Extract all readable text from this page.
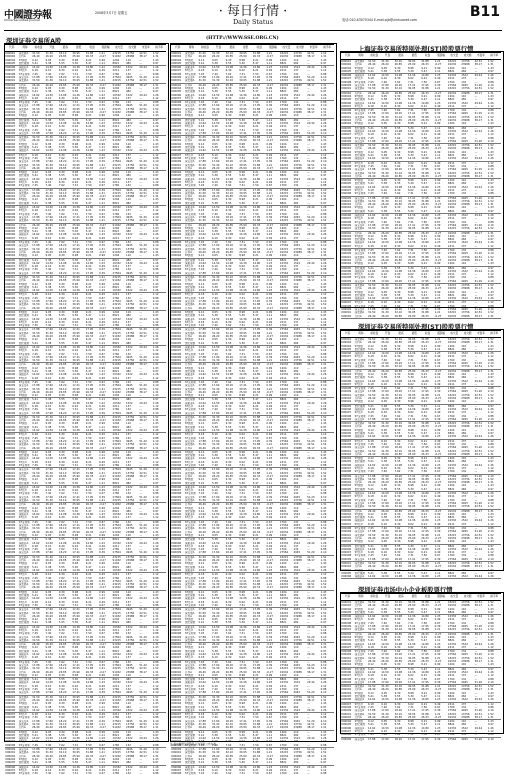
中國證券報
China Securities Journal
2008年3月7日 星期五	· 每日行情 ·
Daily Status	电话:010-63070344 E-mail:pjb@xinhuanet.com	B11
深圳证券交易所A股	(HTTP://WWW.SSE.ORG.CN)
上海证券交易所特别处理(ST)股股票行情
深圳证券交易所特别处理(ST)股股票行情
深圳证券市场中小企业板股票行情
代码	简称	前收盘	开盘	最高	最低	收盘	涨跌幅	成交量	成交额	市盈率	换手率
000001	深发展A	31.50	31.30	32.10	30.95	31.88	1.21	43215	13756	42.51	1.52
000002	万科A	26.40	26.20	26.85	25.90	26.33	-0.27	91032	23988	38.17	1.31
000004	ST国农	9.12	9.05	9.30	8.98	9.21	0.99	1204	110	—	1.43
000005	世纪星源	5.41	5.38	5.55	5.30	5.47	1.11	8821	482	—	0.97
000006	深振业A	14.62	14.50	14.98	14.36	14.80	1.23	10332	1522	29.44	1.26
000007	ST达声	6.18	6.10	6.30	6.02	6.21	0.49	2211	137	—	1.12
000008	ST宝利来	7.45	7.40	7.62	7.31	7.50	0.67	1760	132	—	0.88
000009	深宝安A	17.88	17.60	18.20	17.41	17.95	0.39	27564	4945	51.20	2.10
000001	深发展A	31.50	31.30	32.10	30.95	31.88	1.21	43215	13756	42.51	1.52
000002	万科A	26.40	26.20	26.85	25.90	26.33	-0.27	91032	23988	38.17	1.31
000004	ST国农	9.12	9.05	9.30	8.98	9.21	0.99	1204	110	—	1.43
000005	世纪星源	5.41	5.38	5.55	5.30	5.47	1.11	8821	482	—	0.97
000006	深振业A	14.62	14.50	14.98	14.36	14.80	1.23	10332	1522	29.44	1.26
000007	ST达声	6.18	6.10	6.30	6.02	6.21	0.49	2211	137	—	1.12
000008	ST宝利来	7.45	7.40	7.62	7.31	7.50	0.67	1760	132	—	0.88
000009	深宝安A	17.88	17.60	18.20	17.41	17.95	0.39	27564	4945	51.20	2.10
000001	深发展A	31.50	31.30	32.10	30.95	31.88	1.21	43215	13756	42.51	1.52
000002	万科A	26.40	26.20	26.85	25.90	26.33	-0.27	91032	23988	38.17	1.31
000004	ST国农	9.12	9.05	9.30	8.98	9.21	0.99	1204	110	—	1.43
000005	世纪星源	5.41	5.38	5.55	5.30	5.47	1.11	8821	482	—	0.97
000006	深振业A	14.62	14.50	14.98	14.36	14.80	1.23	10332	1522	29.44	1.26
000007	ST达声	6.18	6.10	6.30	6.02	6.21	0.49	2211	137	—	1.12
000008	ST宝利来	7.45	7.40	7.62	7.31	7.50	0.67	1760	132	—	0.88
000009	深宝安A	17.88	17.60	18.20	17.41	17.95	0.39	27564	4945	51.20	2.10
000001	深发展A	31.50	31.30	32.10	30.95	31.88	1.21	43215	13756	42.51	1.52
000002	万科A	26.40	26.20	26.85	25.90	26.33	-0.27	91032	23988	38.17	1.31
000004	ST国农	9.12	9.05	9.30	8.98	9.21	0.99	1204	110	—	1.43
000005	世纪星源	5.41	5.38	5.55	5.30	5.47	1.11	8821	482	—	0.97
000006	深振业A	14.62	14.50	14.98	14.36	14.80	1.23	10332	1522	29.44	1.26
000007	ST达声	6.18	6.10	6.30	6.02	6.21	0.49	2211	137	—	1.12
000008	ST宝利来	7.45	7.40	7.62	7.31	7.50	0.67	1760	132	—	0.88
000009	深宝安A	17.88	17.60	18.20	17.41	17.95	0.39	27564	4945	51.20	2.10
000001	深发展A	31.50	31.30	32.10	30.95	31.88	1.21	43215	13756	42.51	1.52
000002	万科A	26.40	26.20	26.85	25.90	26.33	-0.27	91032	23988	38.17	1.31
000004	ST国农	9.12	9.05	9.30	8.98	9.21	0.99	1204	110	—	1.43
000005	世纪星源	5.41	5.38	5.55	5.30	5.47	1.11	8821	482	—	0.97
000006	深振业A	14.62	14.50	14.98	14.36	14.80	1.23	10332	1522	29.44	1.26
000007	ST达声	6.18	6.10	6.30	6.02	6.21	0.49	2211	137	—	1.12
000008	ST宝利来	7.45	7.40	7.62	7.31	7.50	0.67	1760	132	—	0.88
000009	深宝安A	17.88	17.60	18.20	17.41	17.95	0.39	27564	4945	51.20	2.10
000001	深发展A	31.50	31.30	32.10	30.95	31.88	1.21	43215	13756	42.51	1.52
000002	万科A	26.40	26.20	26.85	25.90	26.33	-0.27	91032	23988	38.17	1.31
000004	ST国农	9.12	9.05	9.30	8.98	9.21	0.99	1204	110	—	1.43
000005	世纪星源	5.41	5.38	5.55	5.30	5.47	1.11	8821	482	—	0.97
000006	深振业A	14.62	14.50	14.98	14.36	14.80	1.23	10332	1522	29.44	1.26
000007	ST达声	6.18	6.10	6.30	6.02	6.21	0.49	2211	137	—	1.12
000008	ST宝利来	7.45	7.40	7.62	7.31	7.50	0.67	1760	132	—	0.88
000009	深宝安A	17.88	17.60	18.20	17.41	17.95	0.39	27564	4945	51.20	2.10
000001	深发展A	31.50	31.30	32.10	30.95	31.88	1.21	43215	13756	42.51	1.52
000002	万科A	26.40	26.20	26.85	25.90	26.33	-0.27	91032	23988	38.17	1.31
000004	ST国农	9.12	9.05	9.30	8.98	9.21	0.99	1204	110	—	1.43
000005	世纪星源	5.41	5.38	5.55	5.30	5.47	1.11	8821	482	—	0.97
000006	深振业A	14.62	14.50	14.98	14.36	14.80	1.23	10332	1522	29.44	1.26
000007	ST达声	6.18	6.10	6.30	6.02	6.21	0.49	2211	137	—	1.12
000008	ST宝利来	7.45	7.40	7.62	7.31	7.50	0.67	1760	132	—	0.88
000009	深宝安A	17.88	17.60	18.20	17.41	17.95	0.39	27564	4945	51.20	2.10
000001	深发展A	31.50	31.30	32.10	30.95	31.88	1.21	43215	13756	42.51	1.52
000002	万科A	26.40	26.20	26.85	25.90	26.33	-0.27	91032	23988	38.17	1.31
000004	ST国农	9.12	9.05	9.30	8.98	9.21	0.99	1204	110	—	1.43
000005	世纪星源	5.41	5.38	5.55	5.30	5.47	1.11	8821	482	—	0.97
000006	深振业A	14.62	14.50	14.98	14.36	14.80	1.23	10332	1522	29.44	1.26
000007	ST达声	6.18	6.10	6.30	6.02	6.21	0.49	2211	137	—	1.12
000008	ST宝利来	7.45	7.40	7.62	7.31	7.50	0.67	1760	132	—	0.88
000009	深宝安A	17.88	17.60	18.20	17.41	17.95	0.39	27564	4945	51.20	2.10
000001	深发展A	31.50	31.30	32.10	30.95	31.88	1.21	43215	13756	42.51	1.52
000002	万科A	26.40	26.20	26.85	25.90	26.33	-0.27	91032	23988	38.17	1.31
000004	ST国农	9.12	9.05	9.30	8.98	9.21	0.99	1204	110	—	1.43
000005	世纪星源	5.41	5.38	5.55	5.30	5.47	1.11	8821	482	—	0.97
000006	深振业A	14.62	14.50	14.98	14.36	14.80	1.23	10332	1522	29.44	1.26
000007	ST达声	6.18	6.10	6.30	6.02	6.21	0.49	2211	137	—	1.12
000008	ST宝利来	7.45	7.40	7.62	7.31	7.50	0.67	1760	132	—	0.88
000009	深宝安A	17.88	17.60	18.20	17.41	17.95	0.39	27564	4945	51.20	2.10
000001	深发展A	31.50	31.30	32.10	30.95	31.88	1.21	43215	13756	42.51	1.52
000002	万科A	26.40	26.20	26.85	25.90	26.33	-0.27	91032	23988	38.17	1.31
000004	ST国农	9.12	9.05	9.30	8.98	9.21	0.99	1204	110	—	1.43
000005	世纪星源	5.41	5.38	5.55	5.30	5.47	1.11	8821	482	—	0.97
000006	深振业A	14.62	14.50	14.98	14.36	14.80	1.23	10332	1522	29.44	1.26
000007	ST达声	6.18	6.10	6.30	6.02	6.21	0.49	2211	137	—	1.12
000008	ST宝利来	7.45	7.40	7.62	7.31	7.50	0.67	1760	132	—	0.88
000009	深宝安A	17.88	17.60	18.20	17.41	17.95	0.39	27564	4945	51.20	2.10
000001	深发展A	31.50	31.30	32.10	30.95	31.88	1.21	43215	13756	42.51	1.52
000002	万科A	26.40	26.20	26.85	25.90	26.33	-0.27	91032	23988	38.17	1.31
000004	ST国农	9.12	9.05	9.30	8.98	9.21	0.99	1204	110	—	1.43
000005	世纪星源	5.41	5.38	5.55	5.30	5.47	1.11	8821	482	—	0.97
000006	深振业A	14.62	14.50	14.98	14.36	14.80	1.23	10332	1522	29.44	1.26
000007	ST达声	6.18	6.10	6.30	6.02	6.21	0.49	2211	137	—	1.12
000008	ST宝利来	7.45	7.40	7.62	7.31	7.50	0.67	1760	132	—	0.88
000009	深宝安A	17.88	17.60	18.20	17.41	17.95	0.39	27564	4945	51.20	2.10
000001	深发展A	31.50	31.30	32.10	30.95	31.88	1.21	43215	13756	42.51	1.52
000002	万科A	26.40	26.20	26.85	25.90	26.33	-0.27	91032	23988	38.17	1.31
000004	ST国农	9.12	9.05	9.30	8.98	9.21	0.99	1204	110	—	1.43
000005	世纪星源	5.41	5.38	5.55	5.30	5.47	1.11	8821	482	—	0.97
000006	深振业A	14.62	14.50	14.98	14.36	14.80	1.23	10332	1522	29.44	1.26
000007	ST达声	6.18	6.10	6.30	6.02	6.21	0.49	2211	137	—	1.12
000008	ST宝利来	7.45	7.40	7.62	7.31	7.50	0.67	1760	132	—	0.88
000009	深宝安A	17.88	17.60	18.20	17.41	17.95	0.39	27564	4945	51.20	2.10
000001	深发展A	31.50	31.30	32.10	30.95	31.88	1.21	43215	13756	42.51	1.52
000002	万科A	26.40	26.20	26.85	25.90	26.33	-0.27	91032	23988	38.17	1.31
000004	ST国农	9.12	9.05	9.30	8.98	9.21	0.99	1204	110	—	1.43
000005	世纪星源	5.41	5.38	5.55	5.30	5.47	1.11	8821	482	—	0.97
000006	深振业A	14.62	14.50	14.98	14.36	14.80	1.23	10332	1522	29.44	1.26
000007	ST达声	6.18	6.10	6.30	6.02	6.21	0.49	2211	137	—	1.12
000008	ST宝利来	7.45	7.40	7.62	7.31	7.50	0.67	1760	132	—	0.88
000009	深宝安A	17.88	17.60	18.20	17.41	17.95	0.39	27564	4945	51.20	2.10
000001	深发展A	31.50	31.30	32.10	30.95	31.88	1.21	43215	13756	42.51	1.52
000002	万科A	26.40	26.20	26.85	25.90	26.33	-0.27	91032	23988	38.17	1.31
000004	ST国农	9.12	9.05	9.30	8.98	9.21	0.99	1204	110	—	1.43
000005	世纪星源	5.41	5.38	5.55	5.30	5.47	1.11	8821	482	—	0.97
000006	深振业A	14.62	14.50	14.98	14.36	14.80	1.23	10332	1522	29.44	1.26
000007	ST达声	6.18	6.10	6.30	6.02	6.21	0.49	2211	137	—	1.12
000008	ST宝利来	7.45	7.40	7.62	7.31	7.50	0.67	1760	132	—	0.88
000009	深宝安A	17.88	17.60	18.20	17.41	17.95	0.39	27564	4945	51.20	2.10
000001	深发展A	31.50	31.30	32.10	30.95	31.88	1.21	43215	13756	42.51	1.52
000002	万科A	26.40	26.20	26.85	25.90	26.33	-0.27	91032	23988	38.17	1.31
000004	ST国农	9.12	9.05	9.30	8.98	9.21	0.99	1204	110	—	1.43
000005	世纪星源	5.41	5.38	5.55	5.30	5.47	1.11	8821	482	—	0.97
000006	深振业A	14.62	14.50	14.98	14.36	14.80	1.23	10332	1522	29.44	1.26
000007	ST达声	6.18	6.10	6.30	6.02	6.21	0.49	2211	137	—	1.12
000008	ST宝利来	7.45	7.40	7.62	7.31	7.50	0.67	1760	132	—	0.88
000009	深宝安A	17.88	17.60	18.20	17.41	17.95	0.39	27564	4945	51.20	2.10
000001	深发展A	31.50	31.30	32.10	30.95	31.88	1.21	43215	13756	42.51	1.52
000002	万科A	26.40	26.20	26.85	25.90	26.33	-0.27	91032	23988	38.17	1.31
000004	ST国农	9.12	9.05	9.30	8.98	9.21	0.99	1204	110	—	1.43
000005	世纪星源	5.41	5.38	5.55	5.30	5.47	1.11	8821	482	—	0.97
000006	深振业A	14.62	14.50	14.98	14.36	14.80	1.23	10332	1522	29.44	1.26
000007	ST达声	6.18	6.10	6.30	6.02	6.21	0.49	2211	137	—	1.12
000008	ST宝利来	7.45	7.40	7.62	7.31	7.50	0.67	1760	132	—	0.88
000009	深宝安A	17.88	17.60	18.20	17.41	17.95	0.39	27564	4945	51.20	2.10
000001	深发展A	31.50	31.30	32.10	30.95	31.88	1.21	43215	13756	42.51	1.52
000002	万科A	26.40	26.20	26.85	25.90	26.33	-0.27	91032	23988	38.17	1.31
000004	ST国农	9.12	9.05	9.30	8.98	9.21	0.99	1204	110	—	1.43
000005	世纪星源	5.41	5.38	5.55	5.30	5.47	1.11	8821	482	—	0.97
000006	深振业A	14.62	14.50	14.98	14.36	14.80	1.23	10332	1522	29.44	1.26
000007	ST达声	6.18	6.10	6.30	6.02	6.21	0.49	2211	137	—	1.12
000008	ST宝利来	7.45	7.40	7.62	7.31	7.50	0.67	1760	132	—	0.88
000009	深宝安A	17.88	17.60	18.20	17.41	17.95	0.39	27564	4945	51.20	2.10
000001	深发展A	31.50	31.30	32.10	30.95	31.88	1.21	43215	13756	42.51	1.52
000002	万科A	26.40	26.20	26.85	25.90	26.33	-0.27	91032	23988	38.17	1.31
000004	ST国农	9.12	9.05	9.30	8.98	9.21	0.99	1204	110	—	1.43
000005	世纪星源	5.41	5.38	5.55	5.30	5.47	1.11	8821	482	—	0.97
000006	深振业A	14.62	14.50	14.98	14.36	14.80	1.23	10332	1522	29.44	1.26
000007	ST达声	6.18	6.10	6.30	6.02	6.21	0.49	2211	137	—	1.12
000008	ST宝利来	7.45	7.40	7.62	7.31	7.50	0.67	1760	132	—	0.88
000009	深宝安A	17.88	17.60	18.20	17.41	17.95	0.39	27564	4945	51.20	2.10
000001	深发展A	31.50	31.30	32.10	30.95	31.88	1.21	43215	13756	42.51	1.52
000002	万科A	26.40	26.20	26.85	25.90	26.33	-0.27	91032	23988	38.17	1.31
000004	ST国农	9.12	9.05	9.30	8.98	9.21	0.99	1204	110	—	1.43
000005	世纪星源	5.41	5.38	5.55	5.30	5.47	1.11	8821	482	—	0.97
000006	深振业A	14.62	14.50	14.98	14.36	14.80	1.23	10332	1522	29.44	1.26
000007	ST达声	6.18	6.10	6.30	6.02	6.21	0.49	2211	137	—	1.12
000008	ST宝利来	7.45	7.40	7.62	7.31	7.50	0.67	1760	132	—	0.88
000009	深宝安A	17.88	17.60	18.20	17.41	17.95	0.39	27564	4945	51.20	2.10
000001	深发展A	31.50	31.30	32.10	30.95	31.88	1.21	43215	13756	42.51	1.52
000002	万科A	26.40	26.20	26.85	25.90	26.33	-0.27	91032	23988	38.17	1.31
000004	ST国农	9.12	9.05	9.30	8.98	9.21	0.99	1204	110	—	1.43
000005	世纪星源	5.41	5.38	5.55	5.30	5.47	1.11	8821	482	—	0.97
000006	深振业A	14.62	14.50	14.98	14.36	14.80	1.23	10332	1522	29.44	1.26
000007	ST达声	6.18	6.10	6.30	6.02	6.21	0.49	2211	137	—	1.12
000008	ST宝利来	7.45	7.40	7.62	7.31	7.50	0.67	1760	132	—	0.88
000009	深宝安A	17.88	17.60	18.20	17.41	17.95	0.39	27564	4945	51.20	2.10
000001	深发展A	31.50	31.30	32.10	30.95	31.88	1.21	43215	13756	42.51	1.52
000002	万科A	26.40	26.20	26.85	25.90	26.33	-0.27	91032	23988	38.17	1.31
000004	ST国农	9.12	9.05	9.30	8.98	9.21	0.99	1204	110	—	1.43
000005	世纪星源	5.41	5.38	5.55	5.30	5.47	1.11	8821	482	—	0.97
000006	深振业A	14.62	14.50	14.98	14.36	14.80	1.23	10332	1522	29.44	1.26
000007	ST达声	6.18	6.10	6.30	6.02	6.21	0.49	2211	137	—	1.12
000008	ST宝利来	7.45	7.40	7.62	7.31	7.50	0.67	1760	132	—	0.88
000009	深宝安A	17.88	17.60	18.20	17.41	17.95	0.39	27564	4945	51.20	2.10
000001	深发展A	31.50	31.30	32.10	30.95	31.88	1.21	43215	13756	42.51	1.52
000002	万科A	26.40	26.20	26.85	25.90	26.33	-0.27	91032	23988	38.17	1.31
000004	ST国农	9.12	9.05	9.30	8.98	9.21	0.99	1204	110	—	1.43
000005	世纪星源	5.41	5.38	5.55	5.30	5.47	1.11	8821	482	—	0.97
000006	深振业A	14.62	14.50	14.98	14.36	14.80	1.23	10332	1522	29.44	1.26
000007	ST达声	6.18	6.10	6.30	6.02	6.21	0.49	2211	137	—	1.12
000008	ST宝利来	7.45	7.40	7.62	7.31	7.50	0.67	1760	132	—	0.88
000009	深宝安A	17.88	17.60	18.20	17.41	17.95	0.39	27564	4945	51.20	2.10
000001	深发展A	31.50	31.30	32.10	30.95	31.88	1.21	43215	13756	42.51	1.52
000002	万科A	26.40	26.20	26.85	25.90	26.33	-0.27	91032	23988	38.17	1.31
000004	ST国农	9.12	9.05	9.30	8.98	9.21	0.99	1204	110	—	1.43
000005	世纪星源	5.41	5.38	5.55	5.30	5.47	1.11	8821	482	—	0.97
000006	深振业A	14.62	14.50	14.98	14.36	14.80	1.23	10332	1522	29.44	1.26
000007	ST达声	6.18	6.10	6.30	6.02	6.21	0.49	2211	137	—	1.12
000008	ST宝利来	7.45	7.40	7.62	7.31	7.50	0.67	1760	132	—	0.88
000009	深宝安A	17.88	17.60	18.20	17.41	17.95	0.39	27564	4945	51.20	2.10
000001	深发展A	31.50	31.30	32.10	30.95	31.88	1.21	43215	13756	42.51	1.52
000002	万科A	26.40	26.20	26.85	25.90	26.33	-0.27	91032	23988	38.17	1.31
000004	ST国农	9.12	9.05	9.30	8.98	9.21	0.99	1204	110	—	1.43
000005	世纪星源	5.41	5.38	5.55	5.30	5.47	1.11	8821	482	—	0.97
000006	深振业A	14.62	14.50	14.98	14.36	14.80	1.23	10332	1522	29.44	1.26
000007	ST达声	6.18	6.10	6.30	6.02	6.21	0.49	2211	137	—	1.12
000008	ST宝利来	7.45	7.40	7.62	7.31	7.50	0.67	1760	132	—	0.88
000009	深宝安A	17.88	17.60	18.20	17.41	17.95	0.39	27564	4945	51.20	2.10
000001	深发展A	31.50	31.30	32.10	30.95	31.88	1.21	43215	13756	42.51	1.52
000002	万科A	26.40	26.20	26.85	25.90	26.33	-0.27	91032	23988	38.17	1.31
000004	ST国农	9.12	9.05	9.30	8.98	9.21	0.99	1204	110	—	1.43
000005	世纪星源	5.41	5.38	5.55	5.30	5.47	1.11	8821	482	—	0.97
000006	深振业A	14.62	14.50	14.98	14.36	14.80	1.23	10332	1522	29.44	1.26
000007	ST达声	6.18	6.10	6.30	6.02	6.21	0.49	2211	137	—	1.12
000008	ST宝利来	7.45	7.40	7.62	7.31	7.50	0.67	1760	132	—	0.88
000009	深宝安A	17.88	17.60	18.20	17.41	17.95	0.39	27564	4945	51.20	2.10
000001	深发展A	31.50	31.30	32.10	30.95	31.88	1.21	43215	13756	42.51	1.52
000002	万科A	26.40	26.20	26.85	25.90	26.33	-0.27	91032	23988	38.17	1.31
000004	ST国农	9.12	9.05	9.30	8.98	9.21	0.99	1204	110	—	1.43
000005	世纪星源	5.41	5.38	5.55	5.30	5.47	1.11	8821	482	—	0.97
000006	深振业A	14.62	14.50	14.98	14.36	14.80	1.23	10332	1522	29.44	1.26
000007	ST达声	6.18	6.10	6.30	6.02	6.21	0.49	2211	137	—	1.12
000008	ST宝利来	7.45	7.40	7.62	7.31	7.50	0.67	1760	132	—	0.88
代码	简称	前收盘	开盘	最高	最低	收盘	涨跌幅	成交量	成交额	市盈率	换手率
000001	深发展A	31.50	31.30	32.10	30.95	31.88	1.21	43215	13756	42.51	1.52
000002	万科A	26.40	26.20	26.85	25.90	26.33	-0.27	91032	23988	38.17	1.31
000004	ST国农	9.12	9.05	9.30	8.98	9.21	0.99	1204	110	—	1.43
000005	世纪星源	5.41	5.38	5.55	5.30	5.47	1.11	8821	482	—	0.97
000006	深振业A	14.62	14.50	14.98	14.36	14.80	1.23	10332	1522	29.44	1.26
000007	ST达声	6.18	6.10	6.30	6.02	6.21	0.49	2211	137	—	1.12
000008	ST宝利来	7.45	7.40	7.62	7.31	7.50	0.67	1760	132	—	0.88
000009	深宝安A	17.88	17.60	18.20	17.41	17.95	0.39	27564	4945	51.20	2.10
000001	深发展A	31.50	31.30	32.10	30.95	31.88	1.21	43215	13756	42.51	1.52
000002	万科A	26.40	26.20	26.85	25.90	26.33	-0.27	91032	23988	38.17	1.31
000004	ST国农	9.12	9.05	9.30	8.98	9.21	0.99	1204	110	—	1.43
000005	世纪星源	5.41	5.38	5.55	5.30	5.47	1.11	8821	482	—	0.97
000006	深振业A	14.62	14.50	14.98	14.36	14.80	1.23	10332	1522	29.44	1.26
000007	ST达声	6.18	6.10	6.30	6.02	6.21	0.49	2211	137	—	1.12
000008	ST宝利来	7.45	7.40	7.62	7.31	7.50	0.67	1760	132	—	0.88
000009	深宝安A	17.88	17.60	18.20	17.41	17.95	0.39	27564	4945	51.20	2.10
000001	深发展A	31.50	31.30	32.10	30.95	31.88	1.21	43215	13756	42.51	1.52
000002	万科A	26.40	26.20	26.85	25.90	26.33	-0.27	91032	23988	38.17	1.31
000004	ST国农	9.12	9.05	9.30	8.98	9.21	0.99	1204	110	—	1.43
000005	世纪星源	5.41	5.38	5.55	5.30	5.47	1.11	8821	482	—	0.97
000006	深振业A	14.62	14.50	14.98	14.36	14.80	1.23	10332	1522	29.44	1.26
000007	ST达声	6.18	6.10	6.30	6.02	6.21	0.49	2211	137	—	1.12
000008	ST宝利来	7.45	7.40	7.62	7.31	7.50	0.67	1760	132	—	0.88
000009	深宝安A	17.88	17.60	18.20	17.41	17.95	0.39	27564	4945	51.20	2.10
000001	深发展A	31.50	31.30	32.10	30.95	31.88	1.21	43215	13756	42.51	1.52
000002	万科A	26.40	26.20	26.85	25.90	26.33	-0.27	91032	23988	38.17	1.31
000004	ST国农	9.12	9.05	9.30	8.98	9.21	0.99	1204	110	—	1.43
000005	世纪星源	5.41	5.38	5.55	5.30	5.47	1.11	8821	482	—	0.97
000006	深振业A	14.62	14.50	14.98	14.36	14.80	1.23	10332	1522	29.44	1.26
000007	ST达声	6.18	6.10	6.30	6.02	6.21	0.49	2211	137	—	1.12
000008	ST宝利来	7.45	7.40	7.62	7.31	7.50	0.67	1760	132	—	0.88
000009	深宝安A	17.88	17.60	18.20	17.41	17.95	0.39	27564	4945	51.20	2.10
000001	深发展A	31.50	31.30	32.10	30.95	31.88	1.21	43215	13756	42.51	1.52
000002	万科A	26.40	26.20	26.85	25.90	26.33	-0.27	91032	23988	38.17	1.31
000004	ST国农	9.12	9.05	9.30	8.98	9.21	0.99	1204	110	—	1.43
000005	世纪星源	5.41	5.38	5.55	5.30	5.47	1.11	8821	482	—	0.97
000006	深振业A	14.62	14.50	14.98	14.36	14.80	1.23	10332	1522	29.44	1.26
000007	ST达声	6.18	6.10	6.30	6.02	6.21	0.49	2211	137	—	1.12
000008	ST宝利来	7.45	7.40	7.62	7.31	7.50	0.67	1760	132	—	0.88
000009	深宝安A	17.88	17.60	18.20	17.41	17.95	0.39	27564	4945	51.20	2.10
000001	深发展A	31.50	31.30	32.10	30.95	31.88	1.21	43215	13756	42.51	1.52
000002	万科A	26.40	26.20	26.85	25.90	26.33	-0.27	91032	23988	38.17	1.31
000004	ST国农	9.12	9.05	9.30	8.98	9.21	0.99	1204	110	—	1.43
000005	世纪星源	5.41	5.38	5.55	5.30	5.47	1.11	8821	482	—	0.97
000006	深振业A	14.62	14.50	14.98	14.36	14.80	1.23	10332	1522	29.44	1.26
000007	ST达声	6.18	6.10	6.30	6.02	6.21	0.49	2211	137	—	1.12
000008	ST宝利来	7.45	7.40	7.62	7.31	7.50	0.67	1760	132	—	0.88
000009	深宝安A	17.88	17.60	18.20	17.41	17.95	0.39	27564	4945	51.20	2.10
000001	深发展A	31.50	31.30	32.10	30.95	31.88	1.21	43215	13756	42.51	1.52
000002	万科A	26.40	26.20	26.85	25.90	26.33	-0.27	91032	23988	38.17	1.31
000004	ST国农	9.12	9.05	9.30	8.98	9.21	0.99	1204	110	—	1.43
000005	世纪星源	5.41	5.38	5.55	5.30	5.47	1.11	8821	482	—	0.97
000006	深振业A	14.62	14.50	14.98	14.36	14.80	1.23	10332	1522	29.44	1.26
000007	ST达声	6.18	6.10	6.30	6.02	6.21	0.49	2211	137	—	1.12
000008	ST宝利来	7.45	7.40	7.62	7.31	7.50	0.67	1760	132	—	0.88
000009	深宝安A	17.88	17.60	18.20	17.41	17.95	0.39	27564	4945	51.20	2.10
000001	深发展A	31.50	31.30	32.10	30.95	31.88	1.21	43215	13756	42.51	1.52
000002	万科A	26.40	26.20	26.85	25.90	26.33	-0.27	91032	23988	38.17	1.31
000004	ST国农	9.12	9.05	9.30	8.98	9.21	0.99	1204	110	—	1.43
000005	世纪星源	5.41	5.38	5.55	5.30	5.47	1.11	8821	482	—	0.97
000006	深振业A	14.62	14.50	14.98	14.36	14.80	1.23	10332	1522	29.44	1.26
000007	ST达声	6.18	6.10	6.30	6.02	6.21	0.49	2211	137	—	1.12
000008	ST宝利来	7.45	7.40	7.62	7.31	7.50	0.67	1760	132	—	0.88
000009	深宝安A	17.88	17.60	18.20	17.41	17.95	0.39	27564	4945	51.20	2.10
000001	深发展A	31.50	31.30	32.10	30.95	31.88	1.21	43215	13756	42.51	1.52
000002	万科A	26.40	26.20	26.85	25.90	26.33	-0.27	91032	23988	38.17	1.31
000004	ST国农	9.12	9.05	9.30	8.98	9.21	0.99	1204	110	—	1.43
000005	世纪星源	5.41	5.38	5.55	5.30	5.47	1.11	8821	482	—	0.97
000006	深振业A	14.62	14.50	14.98	14.36	14.80	1.23	10332	1522	29.44	1.26
000007	ST达声	6.18	6.10	6.30	6.02	6.21	0.49	2211	137	—	1.12
000008	ST宝利来	7.45	7.40	7.62	7.31	7.50	0.67	1760	132	—	0.88
000009	深宝安A	17.88	17.60	18.20	17.41	17.95	0.39	27564	4945	51.20	2.10
000001	深发展A	31.50	31.30	32.10	30.95	31.88	1.21	43215	13756	42.51	1.52
000002	万科A	26.40	26.20	26.85	25.90	26.33	-0.27	91032	23988	38.17	1.31
000004	ST国农	9.12	9.05	9.30	8.98	9.21	0.99	1204	110	—	1.43
000005	世纪星源	5.41	5.38	5.55	5.30	5.47	1.11	8821	482	—	0.97
000006	深振业A	14.62	14.50	14.98	14.36	14.80	1.23	10332	1522	29.44	1.26
000007	ST达声	6.18	6.10	6.30	6.02	6.21	0.49	2211	137	—	1.12
000008	ST宝利来	7.45	7.40	7.62	7.31	7.50	0.67	1760	132	—	0.88
000009	深宝安A	17.88	17.60	18.20	17.41	17.95	0.39	27564	4945	51.20	2.10
000001	深发展A	31.50	31.30	32.10	30.95	31.88	1.21	43215	13756	42.51	1.52
000002	万科A	26.40	26.20	26.85	25.90	26.33	-0.27	91032	23988	38.17	1.31
000004	ST国农	9.12	9.05	9.30	8.98	9.21	0.99	1204	110	—	1.43
000005	世纪星源	5.41	5.38	5.55	5.30	5.47	1.11	8821	482	—	0.97
000006	深振业A	14.62	14.50	14.98	14.36	14.80	1.23	10332	1522	29.44	1.26
000007	ST达声	6.18	6.10	6.30	6.02	6.21	0.49	2211	137	—	1.12
000008	ST宝利来	7.45	7.40	7.62	7.31	7.50	0.67	1760	132	—	0.88
000009	深宝安A	17.88	17.60	18.20	17.41	17.95	0.39	27564	4945	51.20	2.10
000001	深发展A	31.50	31.30	32.10	30.95	31.88	1.21	43215	13756	42.51	1.52
000002	万科A	26.40	26.20	26.85	25.90	26.33	-0.27	91032	23988	38.17	1.31
000004	ST国农	9.12	9.05	9.30	8.98	9.21	0.99	1204	110	—	1.43
000005	世纪星源	5.41	5.38	5.55	5.30	5.47	1.11	8821	482	—	0.97
000006	深振业A	14.62	14.50	14.98	14.36	14.80	1.23	10332	1522	29.44	1.26
000007	ST达声	6.18	6.10	6.30	6.02	6.21	0.49	2211	137	—	1.12
000008	ST宝利来	7.45	7.40	7.62	7.31	7.50	0.67	1760	132	—	0.88
000009	深宝安A	17.88	17.60	18.20	17.41	17.95	0.39	27564	4945	51.20	2.10
000001	深发展A	31.50	31.30	32.10	30.95	31.88	1.21	43215	13756	42.51	1.52
000002	万科A	26.40	26.20	26.85	25.90	26.33	-0.27	91032	23988	38.17	1.31
000004	ST国农	9.12	9.05	9.30	8.98	9.21	0.99	1204	110	—	1.43
000005	世纪星源	5.41	5.38	5.55	5.30	5.47	1.11	8821	482	—	0.97
000006	深振业A	14.62	14.50	14.98	14.36	14.80	1.23	10332	1522	29.44	1.26
000007	ST达声	6.18	6.10	6.30	6.02	6.21	0.49	2211	137	—	1.12
000008	ST宝利来	7.45	7.40	7.62	7.31	7.50	0.67	1760	132	—	0.88
000009	深宝安A	17.88	17.60	18.20	17.41	17.95	0.39	27564	4945	51.20	2.10
000001	深发展A	31.50	31.30	32.10	30.95	31.88	1.21	43215	13756	42.51	1.52
000002	万科A	26.40	26.20	26.85	25.90	26.33	-0.27	91032	23988	38.17	1.31
000004	ST国农	9.12	9.05	9.30	8.98	9.21	0.99	1204	110	—	1.43
000005	世纪星源	5.41	5.38	5.55	5.30	5.47	1.11	8821	482	—	0.97
000006	深振业A	14.62	14.50	14.98	14.36	14.80	1.23	10332	1522	29.44	1.26
000007	ST达声	6.18	6.10	6.30	6.02	6.21	0.49	2211	137	—	1.12
000008	ST宝利来	7.45	7.40	7.62	7.31	7.50	0.67	1760	132	—	0.88
000009	深宝安A	17.88	17.60	18.20	17.41	17.95	0.39	27564	4945	51.20	2.10
000001	深发展A	31.50	31.30	32.10	30.95	31.88	1.21	43215	13756	42.51	1.52
000002	万科A	26.40	26.20	26.85	25.90	26.33	-0.27	91032	23988	38.17	1.31
000004	ST国农	9.12	9.05	9.30	8.98	9.21	0.99	1204	110	—	1.43
000005	世纪星源	5.41	5.38	5.55	5.30	5.47	1.11	8821	482	—	0.97
000006	深振业A	14.62	14.50	14.98	14.36	14.80	1.23	10332	1522	29.44	1.26
000007	ST达声	6.18	6.10	6.30	6.02	6.21	0.49	2211	137	—	1.12
000008	ST宝利来	7.45	7.40	7.62	7.31	7.50	0.67	1760	132	—	0.88
000009	深宝安A	17.88	17.60	18.20	17.41	17.95	0.39	27564	4945	51.20	2.10
000001	深发展A	31.50	31.30	32.10	30.95	31.88	1.21	43215	13756	42.51	1.52
000002	万科A	26.40	26.20	26.85	25.90	26.33	-0.27	91032	23988	38.17	1.31
000004	ST国农	9.12	9.05	9.30	8.98	9.21	0.99	1204	110	—	1.43
000005	世纪星源	5.41	5.38	5.55	5.30	5.47	1.11	8821	482	—	0.97
000006	深振业A	14.62	14.50	14.98	14.36	14.80	1.23	10332	1522	29.44	1.26
000007	ST达声	6.18	6.10	6.30	6.02	6.21	0.49	2211	137	—	1.12
000008	ST宝利来	7.45	7.40	7.62	7.31	7.50	0.67	1760	132	—	0.88
000009	深宝安A	17.88	17.60	18.20	17.41	17.95	0.39	27564	4945	51.20	2.10
000001	深发展A	31.50	31.30	32.10	30.95	31.88	1.21	43215	13756	42.51	1.52
000002	万科A	26.40	26.20	26.85	25.90	26.33	-0.27	91032	23988	38.17	1.31
000004	ST国农	9.12	9.05	9.30	8.98	9.21	0.99	1204	110	—	1.43
000005	世纪星源	5.41	5.38	5.55	5.30	5.47	1.11	8821	482	—	0.97
000006	深振业A	14.62	14.50	14.98	14.36	14.80	1.23	10332	1522	29.44	1.26
000007	ST达声	6.18	6.10	6.30	6.02	6.21	0.49	2211	137	—	1.12
000008	ST宝利来	7.45	7.40	7.62	7.31	7.50	0.67	1760	132	—	0.88
000009	深宝安A	17.88	17.60	18.20	17.41	17.95	0.39	27564	4945	51.20	2.10
000001	深发展A	31.50	31.30	32.10	30.95	31.88	1.21	43215	13756	42.51	1.52
000002	万科A	26.40	26.20	26.85	25.90	26.33	-0.27	91032	23988	38.17	1.31
000004	ST国农	9.12	9.05	9.30	8.98	9.21	0.99	1204	110	—	1.43
000005	世纪星源	5.41	5.38	5.55	5.30	5.47	1.11	8821	482	—	0.97
000006	深振业A	14.62	14.50	14.98	14.36	14.80	1.23	10332	1522	29.44	1.26
000007	ST达声	6.18	6.10	6.30	6.02	6.21	0.49	2211	137	—	1.12
000008	ST宝利来	7.45	7.40	7.62	7.31	7.50	0.67	1760	132	—	0.88
000009	深宝安A	17.88	17.60	18.20	17.41	17.95	0.39	27564	4945	51.20	2.10
000001	深发展A	31.50	31.30	32.10	30.95	31.88	1.21	43215	13756	42.51	1.52
000002	万科A	26.40	26.20	26.85	25.90	26.33	-0.27	91032	23988	38.17	1.31
000004	ST国农	9.12	9.05	9.30	8.98	9.21	0.99	1204	110	—	1.43
000005	世纪星源	5.41	5.38	5.55	5.30	5.47	1.11	8821	482	—	0.97
000006	深振业A	14.62	14.50	14.98	14.36	14.80	1.23	10332	1522	29.44	1.26
000007	ST达声	6.18	6.10	6.30	6.02	6.21	0.49	2211	137	—	1.12
000008	ST宝利来	7.45	7.40	7.62	7.31	7.50	0.67	1760	132	—	0.88
000009	深宝安A	17.88	17.60	18.20	17.41	17.95	0.39	27564	4945	51.20	2.10
000001	深发展A	31.50	31.30	32.10	30.95	31.88	1.21	43215	13756	42.51	1.52
000002	万科A	26.40	26.20	26.85	25.90	26.33	-0.27	91032	23988	38.17	1.31
000004	ST国农	9.12	9.05	9.30	8.98	9.21	0.99	1204	110	—	1.43
000005	世纪星源	5.41	5.38	5.55	5.30	5.47	1.11	8821	482	—	0.97
000006	深振业A	14.62	14.50	14.98	14.36	14.80	1.23	10332	1522	29.44	1.26
000007	ST达声	6.18	6.10	6.30	6.02	6.21	0.49	2211	137	—	1.12
000008	ST宝利来	7.45	7.40	7.62	7.31	7.50	0.67	1760	132	—	0.88
000009	深宝安A	17.88	17.60	18.20	17.41	17.95	0.39	27564	4945	51.20	2.10
000001	深发展A	31.50	31.30	32.10	30.95	31.88	1.21	43215	13756	42.51	1.52
000002	万科A	26.40	26.20	26.85	25.90	26.33	-0.27	91032	23988	38.17	1.31
000004	ST国农	9.12	9.05	9.30	8.98	9.21	0.99	1204	110	—	1.43
000005	世纪星源	5.41	5.38	5.55	5.30	5.47	1.11	8821	482	—	0.97
000006	深振业A	14.62	14.50	14.98	14.36	14.80	1.23	10332	1522	29.44	1.26
000007	ST达声	6.18	6.10	6.30	6.02	6.21	0.49	2211	137	—	1.12
000008	ST宝利来	7.45	7.40	7.62	7.31	7.50	0.67	1760	132	—	0.88
000009	深宝安A	17.88	17.60	18.20	17.41	17.95	0.39	27564	4945	51.20	2.10
000001	深发展A	31.50	31.30	32.10	30.95	31.88	1.21	43215	13756	42.51	1.52
000002	万科A	26.40	26.20	26.85	25.90	26.33	-0.27	91032	23988	38.17	1.31
000004	ST国农	9.12	9.05	9.30	8.98	9.21	0.99	1204	110	—	1.43
000005	世纪星源	5.41	5.38	5.55	5.30	5.47	1.11	8821	482	—	0.97
000006	深振业A	14.62	14.50	14.98	14.36	14.80	1.23	10332	1522	29.44	1.26
000007	ST达声	6.18	6.10	6.30	6.02	6.21	0.49	2211	137	—	1.12
000008	ST宝利来	7.45	7.40	7.62	7.31	7.50	0.67	1760	132	—	0.88
000009	深宝安A	17.88	17.60	18.20	17.41	17.95	0.39	27564	4945	51.20	2.10
000001	深发展A	31.50	31.30	32.10	30.95	31.88	1.21	43215	13756	42.51	1.52
000002	万科A	26.40	26.20	26.85	25.90	26.33	-0.27	91032	23988	38.17	1.31
000004	ST国农	9.12	9.05	9.30	8.98	9.21	0.99	1204	110	—	1.43
000005	世纪星源	5.41	5.38	5.55	5.30	5.47	1.11	8821	482	—	0.97
000006	深振业A	14.62	14.50	14.98	14.36	14.80	1.23	10332	1522	29.44	1.26
000007	ST达声	6.18	6.10	6.30	6.02	6.21	0.49	2211	137	—	1.12
000008	ST宝利来	7.45	7.40	7.62	7.31	7.50	0.67	1760	132	—	0.88
000009	深宝安A	17.88	17.60	18.20	17.41	17.95	0.39	27564	4945	51.20	2.10
000001	深发展A	31.50	31.30	32.10	30.95	31.88	1.21	43215	13756	42.51	1.52
000002	万科A	26.40	26.20	26.85	25.90	26.33	-0.27	91032	23988	38.17	1.31
000004	ST国农	9.12	9.05	9.30	8.98	9.21	0.99	1204	110	—	1.43
000005	世纪星源	5.41	5.38	5.55	5.30	5.47	1.11	8821	482	—	0.97
000006	深振业A	14.62	14.50	14.98	14.36	14.80	1.23	10332	1522	29.44	1.26
000007	ST达声	6.18	6.10	6.30	6.02	6.21	0.49	2211	137	—	1.12
000008	ST宝利来	7.45	7.40	7.62	7.31	7.50	0.67	1760	132	—	0.88
000009	深宝安A	17.88	17.60	18.20	17.41	17.95	0.39	27564	4945	51.20	2.10
000001	深发展A	31.50	31.30	32.10	30.95	31.88	1.21	43215	13756	42.51	1.52
000002	万科A	26.40	26.20	26.85	25.90	26.33	-0.27	91032	23988	38.17	1.31
000004	ST国农	9.12	9.05	9.30	8.98	9.21	0.99	1204	110	—	1.43
000005	世纪星源	5.41	5.38	5.55	5.30	5.47	1.11	8821	482	—	0.97
000006	深振业A	14.62	14.50	14.98	14.36	14.80	1.23	10332	1522	29.44	1.26
000007	ST达声	6.18	6.10	6.30	6.02	6.21	0.49	2211	137	—	1.12
000008	ST宝利来	7.45	7.40	7.62	7.31	7.50	0.67	1760	132	—	0.88
000009	深宝安A	17.88	17.60	18.20	17.41	17.95	0.39	27564	4945	51.20	2.10
000001	深发展A	31.50	31.30	32.10	30.95	31.88	1.21	43215	13756	42.51	1.52
000002	万科A	26.40	26.20	26.85	25.90	26.33	-0.27	91032	23988	38.17	1.31
000004	ST国农	9.12	9.05	9.30	8.98	9.21	0.99	1204	110	—	1.43
000005	世纪星源	5.41	5.38	5.55	5.30	5.47	1.11	8821	482	—	0.97
000006	深振业A	14.62	14.50	14.98	14.36	14.80	1.23	10332	1522	29.44	1.26
000007	ST达声	6.18	6.10	6.30	6.02	6.21	0.49	2211	137	—	1.12
000008	ST宝利来	7.45	7.40	7.62	7.31	7.50	0.67	1760	132	—	0.88
代码	简称	前收盘	开盘	最高	最低	收盘	涨跌幅	成交量	成交额	市盈率	换手率
000001	深发展A	31.50	31.30	32.10	30.95	31.88	1.21	43215	13756	42.51	1.52
000002	万科A	26.40	26.20	26.85	25.90	26.33	-0.27	91032	23988	38.17	1.31
000004	ST国农	9.12	9.05	9.30	8.98	9.21	0.99	1204	110	—	1.43
000005	世纪星源	5.41	5.38	5.55	5.30	5.47	1.11	8821	482	—	0.97
000006	深振业A	14.62	14.50	14.98	14.36	14.80	1.23	10332	1522	29.44	1.26
000007	ST达声	6.18	6.10	6.30	6.02	6.21	0.49	2211	137	—	1.12
000008	ST宝利来	7.45	7.40	7.62	7.31	7.50	0.67	1760	132	—	0.88
000009	深宝安A	17.88	17.60	18.20	17.41	17.95	0.39	27564	4945	51.20	2.10
000001	深发展A	31.50	31.30	32.10	30.95	31.88	1.21	43215	13756	42.51	1.52
000002	万科A	26.40	26.20	26.85	25.90	26.33	-0.27	91032	23988	38.17	1.31
000004	ST国农	9.12	9.05	9.30	8.98	9.21	0.99	1204	110	—	1.43
000005	世纪星源	5.41	5.38	5.55	5.30	5.47	1.11	8821	482	—	0.97
000006	深振业A	14.62	14.50	14.98	14.36	14.80	1.23	10332	1522	29.44	1.26
000007	ST达声	6.18	6.10	6.30	6.02	6.21	0.49	2211	137	—	1.12
000008	ST宝利来	7.45	7.40	7.62	7.31	7.50	0.67	1760	132	—	0.88
000009	深宝安A	17.88	17.60	18.20	17.41	17.95	0.39	27564	4945	51.20	2.10
000001	深发展A	31.50	31.30	32.10	30.95	31.88	1.21	43215	13756	42.51	1.52
000002	万科A	26.40	26.20	26.85	25.90	26.33	-0.27	91032	23988	38.17	1.31
000004	ST国农	9.12	9.05	9.30	8.98	9.21	0.99	1204	110	—	1.43
000005	世纪星源	5.41	5.38	5.55	5.30	5.47	1.11	8821	482	—	0.97
000006	深振业A	14.62	14.50	14.98	14.36	14.80	1.23	10332	1522	29.44	1.26
000007	ST达声	6.18	6.10	6.30	6.02	6.21	0.49	2211	137	—	1.12
000008	ST宝利来	7.45	7.40	7.62	7.31	7.50	0.67	1760	132	—	0.88
000009	深宝安A	17.88	17.60	18.20	17.41	17.95	0.39	27564	4945	51.20	2.10
000001	深发展A	31.50	31.30	32.10	30.95	31.88	1.21	43215	13756	42.51	1.52
000002	万科A	26.40	26.20	26.85	25.90	26.33	-0.27	91032	23988	38.17	1.31
000004	ST国农	9.12	9.05	9.30	8.98	9.21	0.99	1204	110	—	1.43
000005	世纪星源	5.41	5.38	5.55	5.30	5.47	1.11	8821	482	—	0.97
000006	深振业A	14.62	14.50	14.98	14.36	14.80	1.23	10332	1522	29.44	1.26
000007	ST达声	6.18	6.10	6.30	6.02	6.21	0.49	2211	137	—	1.12
000008	ST宝利来	7.45	7.40	7.62	7.31	7.50	0.67	1760	132	—	0.88
000009	深宝安A	17.88	17.60	18.20	17.41	17.95	0.39	27564	4945	51.20	2.10
000001	深发展A	31.50	31.30	32.10	30.95	31.88	1.21	43215	13756	42.51	1.52
000002	万科A	26.40	26.20	26.85	25.90	26.33	-0.27	91032	23988	38.17	1.31
000004	ST国农	9.12	9.05	9.30	8.98	9.21	0.99	1204	110	—	1.43
000005	世纪星源	5.41	5.38	5.55	5.30	5.47	1.11	8821	482	—	0.97
000006	深振业A	14.62	14.50	14.98	14.36	14.80	1.23	10332	1522	29.44	1.26
000007	ST达声	6.18	6.10	6.30	6.02	6.21	0.49	2211	137	—	1.12
000008	ST宝利来	7.45	7.40	7.62	7.31	7.50	0.67	1760	132	—	0.88
000009	深宝安A	17.88	17.60	18.20	17.41	17.95	0.39	27564	4945	51.20	2.10
000001	深发展A	31.50	31.30	32.10	30.95	31.88	1.21	43215	13756	42.51	1.52
000002	万科A	26.40	26.20	26.85	25.90	26.33	-0.27	91032	23988	38.17	1.31
000004	ST国农	9.12	9.05	9.30	8.98	9.21	0.99	1204	110	—	1.43
000005	世纪星源	5.41	5.38	5.55	5.30	5.47	1.11	8821	482	—	0.97
000006	深振业A	14.62	14.50	14.98	14.36	14.80	1.23	10332	1522	29.44	1.26
000007	ST达声	6.18	6.10	6.30	6.02	6.21	0.49	2211	137	—	1.12
000008	ST宝利来	7.45	7.40	7.62	7.31	7.50	0.67	1760	132	—	0.88
000009	深宝安A	17.88	17.60	18.20	17.41	17.95	0.39	27564	4945	51.20	2.10
000001	深发展A	31.50	31.30	32.10	30.95	31.88	1.21	43215	13756	42.51	1.52
000002	万科A	26.40	26.20	26.85	25.90	26.33	-0.27	91032	23988	38.17	1.31
000004	ST国农	9.12	9.05	9.30	8.98	9.21	0.99	1204	110	—	1.43
000005	世纪星源	5.41	5.38	5.55	5.30	5.47	1.11	8821	482	—	0.97
000006	深振业A	14.62	14.50	14.98	14.36	14.80	1.23	10332	1522	29.44	1.26
000007	ST达声	6.18	6.10	6.30	6.02	6.21	0.49	2211	137	—	1.12
000008	ST宝利来	7.45	7.40	7.62	7.31	7.50	0.67	1760	132	—	0.88
000009	深宝安A	17.88	17.60	18.20	17.41	17.95	0.39	27564	4945	51.20	2.10
000001	深发展A	31.50	31.30	32.10	30.95	31.88	1.21	43215	13756	42.51	1.52
000002	万科A	26.40	26.20	26.85	25.90	26.33	-0.27	91032	23988	38.17	1.31
000004	ST国农	9.12	9.05	9.30	8.98	9.21	0.99	1204	110	—	1.43
000005	世纪星源	5.41	5.38	5.55	5.30	5.47	1.11	8821	482	—	0.97
000006	深振业A	14.62	14.50	14.98	14.36	14.80	1.23	10332	1522	29.44	1.26
000007	ST达声	6.18	6.10	6.30	6.02	6.21	0.49	2211	137	—	1.12
000008	ST宝利来	7.45	7.40	7.62	7.31	7.50	0.67	1760	132	—	0.88
000009	深宝安A	17.88	17.60	18.20	17.41	17.95	0.39	27564	4945	51.20	2.10
000001	深发展A	31.50	31.30	32.10	30.95	31.88	1.21	43215	13756	42.51	1.52
000002	万科A	26.40	26.20	26.85	25.90	26.33	-0.27	91032	23988	38.17	1.31
000004	ST国农	9.12	9.05	9.30	8.98	9.21	0.99	1204	110	—	1.43
000005	世纪星源	5.41	5.38	5.55	5.30	5.47	1.11	8821	482	—	0.97
000006	深振业A	14.62	14.50	14.98	14.36	14.80	1.23	10332	1522	29.44	1.26
000007	ST达声	6.18	6.10	6.30	6.02	6.21	0.49	2211	137	—	1.12
000008	ST宝利来	7.45	7.40	7.62	7.31	7.50	0.67	1760	132	—	0.88
000009	深宝安A	17.88	17.60	18.20	17.41	17.95	0.39	27564	4945	51.20	2.10
000001	深发展A	31.50	31.30	32.10	30.95	31.88	1.21	43215	13756	42.51	1.52
000002	万科A	26.40	26.20	26.85	25.90	26.33	-0.27	91032	23988	38.17	1.31
代码	简称	前收盘	开盘	最高	最低	收盘	涨跌幅	成交量	成交额	市盈率	换手率
000001	深发展A	31.50	31.30	32.10	30.95	31.88	1.21	43215	13756	42.51	1.52
000002	万科A	26.40	26.20	26.85	25.90	26.33	-0.27	91032	23988	38.17	1.31
000004	ST国农	9.12	9.05	9.30	8.98	9.21	0.99	1204	110	—	1.43
000005	世纪星源	5.41	5.38	5.55	5.30	5.47	1.11	8821	482	—	0.97
000006	深振业A	14.62	14.50	14.98	14.36	14.80	1.23	10332	1522	29.44	1.26
000007	ST达声	6.18	6.10	6.30	6.02	6.21	0.49	2211	137	—	1.12
000008	ST宝利来	7.45	7.40	7.62	7.31	7.50	0.67	1760	132	—	0.88
000009	深宝安A	17.88	17.60	18.20	17.41	17.95	0.39	27564	4945	51.20	2.10
000001	深发展A	31.50	31.30	32.10	30.95	31.88	1.21	43215	13756	42.51	1.52
000002	万科A	26.40	26.20	26.85	25.90	26.33	-0.27	91032	23988	38.17	1.31
000004	ST国农	9.12	9.05	9.30	8.98	9.21	0.99	1204	110	—	1.43
000005	世纪星源	5.41	5.38	5.55	5.30	5.47	1.11	8821	482	—	0.97
000006	深振业A	14.62	14.50	14.98	14.36	14.80	1.23	10332	1522	29.44	1.26
000007	ST达声	6.18	6.10	6.30	6.02	6.21	0.49	2211	137	—	1.12
000008	ST宝利来	7.45	7.40	7.62	7.31	7.50	0.67	1760	132	—	0.88
000009	深宝安A	17.88	17.60	18.20	17.41	17.95	0.39	27564	4945	51.20	2.10
000001	深发展A	31.50	31.30	32.10	30.95	31.88	1.21	43215	13756	42.51	1.52
000002	万科A	26.40	26.20	26.85	25.90	26.33	-0.27	91032	23988	38.17	1.31
000004	ST国农	9.12	9.05	9.30	8.98	9.21	0.99	1204	110	—	1.43
000005	世纪星源	5.41	5.38	5.55	5.30	5.47	1.11	8821	482	—	0.97
000006	深振业A	14.62	14.50	14.98	14.36	14.80	1.23	10332	1522	29.44	1.26
000007	ST达声	6.18	6.10	6.30	6.02	6.21	0.49	2211	137	—	1.12
000008	ST宝利来	7.45	7.40	7.62	7.31	7.50	0.67	1760	132	—	0.88
000009	深宝安A	17.88	17.60	18.20	17.41	17.95	0.39	27564	4945	51.20	2.10
000001	深发展A	31.50	31.30	32.10	30.95	31.88	1.21	43215	13756	42.51	1.52
000002	万科A	26.40	26.20	26.85	25.90	26.33	-0.27	91032	23988	38.17	1.31
000004	ST国农	9.12	9.05	9.30	8.98	9.21	0.99	1204	110	—	1.43
000005	世纪星源	5.41	5.38	5.55	5.30	5.47	1.11	8821	482	—	0.97
000006	深振业A	14.62	14.50	14.98	14.36	14.80	1.23	10332	1522	29.44	1.26
000007	ST达声	6.18	6.10	6.30	6.02	6.21	0.49	2211	137	—	1.12
000008	ST宝利来	7.45	7.40	7.62	7.31	7.50	0.67	1760	132	—	0.88
000009	深宝安A	17.88	17.60	18.20	17.41	17.95	0.39	27564	4945	51.20	2.10
000001	深发展A	31.50	31.30	32.10	30.95	31.88	1.21	43215	13756	42.51	1.52
000002	万科A	26.40	26.20	26.85	25.90	26.33	-0.27	91032	23988	38.17	1.31
000004	ST国农	9.12	9.05	9.30	8.98	9.21	0.99	1204	110	—	1.43
000005	世纪星源	5.41	5.38	5.55	5.30	5.47	1.11	8821	482	—	0.97
000006	深振业A	14.62	14.50	14.98	14.36	14.80	1.23	10332	1522	29.44	1.26
000007	ST达声	6.18	6.10	6.30	6.02	6.21	0.49	2211	137	—	1.12
000008	ST宝利来	7.45	7.40	7.62	7.31	7.50	0.67	1760	132	—	0.88
000009	深宝安A	17.88	17.60	18.20	17.41	17.95	0.39	27564	4945	51.20	2.10
000001	深发展A	31.50	31.30	32.10	30.95	31.88	1.21	43215	13756	42.51	1.52
000002	万科A	26.40	26.20	26.85	25.90	26.33	-0.27	91032	23988	38.17	1.31
000004	ST国农	9.12	9.05	9.30	8.98	9.21	0.99	1204	110	—	1.43
000005	世纪星源	5.41	5.38	5.55	5.30	5.47	1.11	8821	482	—	0.97
000006	深振业A	14.62	14.50	14.98	14.36	14.80	1.23	10332	1522	29.44	1.26
000007	ST达声	6.18	6.10	6.30	6.02	6.21	0.49	2211	137	—	1.12
000008	ST宝利来	7.45	7.40	7.62	7.31	7.50	0.67	1760	132	—	0.88
000009	深宝安A	17.88	17.60	18.20	17.41	17.95	0.39	27564	4945	51.20	2.10
000001	深发展A	31.50	31.30	32.10	30.95	31.88	1.21	43215	13756	42.51	1.52
000002	万科A	26.40	26.20	26.85	25.90	26.33	-0.27	91032	23988	38.17	1.31
000004	ST国农	9.12	9.05	9.30	8.98	9.21	0.99	1204	110	—	1.43
000005	世纪星源	5.41	5.38	5.55	5.30	5.47	1.11	8821	482	—	0.97
000006	深振业A	14.62	14.50	14.98	14.36	14.80	1.23	10332	1522	29.44	1.26
000007	ST达声	6.18	6.10	6.30	6.02	6.21	0.49	2211	137	—	1.12
000008	ST宝利来	7.45	7.40	7.62	7.31	7.50	0.67	1760	132	—	0.88
000009	深宝安A	17.88	17.60	18.20	17.41	17.95	0.39	27564	4945	51.20	2.10
000001	深发展A	31.50	31.30	32.10	30.95	31.88	1.21	43215	13756	42.51	1.52
000002	万科A	26.40	26.20	26.85	25.90	26.33	-0.27	91032	23988	38.17	1.31
000004	ST国农	9.12	9.05	9.30	8.98	9.21	0.99	1204	110	—	1.43
000005	世纪星源	5.41	5.38	5.55	5.30	5.47	1.11	8821	482	—	0.97
000006	深振业A	14.62	14.50	14.98	14.36	14.80	1.23	10332	1522	29.44	1.26
000007	ST达声	6.18	6.10	6.30	6.02	6.21	0.49	2211	137	—	1.12
000008	ST宝利来	7.45	7.40	7.62	7.31	7.50	0.67	1760	132	—	0.88
000009	深宝安A	17.88	17.60	18.20	17.41	17.95	0.39	27564	4945	51.20	2.10
000001	深发展A	31.50	31.30	32.10	30.95	31.88	1.21	43215	13756	42.51	1.52
000002	万科A	26.40	26.20	26.85	25.90	26.33	-0.27	91032	23988	38.17	1.31
000004	ST国农	9.12	9.05	9.30	8.98	9.21	0.99	1204	110	—	1.43
000005	世纪星源	5.41	5.38	5.55	5.30	5.47	1.11	8821	482	—	0.97
000006	深振业A	14.62	14.50	14.98	14.36	14.80	1.23	10332	1522	29.44	1.26
代码	简称	前收盘	开盘	最高	最低	收盘	涨跌幅	成交量	成交额	市盈率	换手率
000001	深发展A	31.50	31.30	32.10	30.95	31.88	1.21	43215	13756	42.51	1.52
000002	万科A	26.40	26.20	26.85	25.90	26.33	-0.27	91032	23988	38.17	1.31
000004	ST国农	9.12	9.05	9.30	8.98	9.21	0.99	1204	110	—	1.43
000005	世纪星源	5.41	5.38	5.55	5.30	5.47	1.11	8821	482	—	0.97
000006	深振业A	14.62	14.50	14.98	14.36	14.80	1.23	10332	1522	29.44	1.26
000007	ST达声	6.18	6.10	6.30	6.02	6.21	0.49	2211	137	—	1.12
000008	ST宝利来	7.45	7.40	7.62	7.31	7.50	0.67	1760	132	—	0.88
000009	深宝安A	17.88	17.60	18.20	17.41	17.95	0.39	27564	4945	51.20	2.10
000001	深发展A	31.50	31.30	32.10	30.95	31.88	1.21	43215	13756	42.51	1.52
000002	万科A	26.40	26.20	26.85	25.90	26.33	-0.27	91032	23988	38.17	1.31
000004	ST国农	9.12	9.05	9.30	8.98	9.21	0.99	1204	110	—	1.43
000005	世纪星源	5.41	5.38	5.55	5.30	5.47	1.11	8821	482	—	0.97
000006	深振业A	14.62	14.50	14.98	14.36	14.80	1.23	10332	1522	29.44	1.26
000007	ST达声	6.18	6.10	6.30	6.02	6.21	0.49	2211	137	—	1.12
000008	ST宝利来	7.45	7.40	7.62	7.31	7.50	0.67	1760	132	—	0.88
000009	深宝安A	17.88	17.60	18.20	17.41	17.95	0.39	27564	4945	51.20	2.10
000001	深发展A	31.50	31.30	32.10	30.95	31.88	1.21	43215	13756	42.51	1.52
000002	万科A	26.40	26.20	26.85	25.90	26.33	-0.27	91032	23988	38.17	1.31
000004	ST国农	9.12	9.05	9.30	8.98	9.21	0.99	1204	110	—	1.43
000005	世纪星源	5.41	5.38	5.55	5.30	5.47	1.11	8821	482	—	0.97
000006	深振业A	14.62	14.50	14.98	14.36	14.80	1.23	10332	1522	29.44	1.26
000007	ST达声	6.18	6.10	6.30	6.02	6.21	0.49	2211	137	—	1.12
000008	ST宝利来	7.45	7.40	7.62	7.31	7.50	0.67	1760	132	—	0.88
000009	深宝安A	17.88	17.60	18.20	17.41	17.95	0.39	27564	4945	51.20	2.10
000001	深发展A	31.50	31.30	32.10	30.95	31.88	1.21	43215	13756	42.51	1.52
000002	万科A	26.40	26.20	26.85	25.90	26.33	-0.27	91032	23988	38.17	1.31
000004	ST国农	9.12	9.05	9.30	8.98	9.21	0.99	1204	110	—	1.43
000005	世纪星源	5.41	5.38	5.55	5.30	5.47	1.11	8821	482	—	0.97
000006	深振业A	14.62	14.50	14.98	14.36	14.80	1.23	10332	1522	29.44	1.26
000007	ST达声	6.18	6.10	6.30	6.02	6.21	0.49	2211	137	—	1.12
000008	ST宝利来	7.45	7.40	7.62	7.31	7.50	0.67	1760	132	—	0.88
000009	深宝安A	17.88	17.60	18.20	17.41	17.95	0.39	27564	4945	51.20	2.10
000001	深发展A	31.50	31.30	32.10	30.95	31.88	1.21	43215	13756	42.51	1.52
000002	万科A	26.40	26.20	26.85	25.90	26.33	-0.27	91032	23988	38.17	1.31
000004	ST国农	9.12	9.05	9.30	8.98	9.21	0.99	1204	110	—	1.43
000005	世纪星源	5.41	5.38	5.55	5.30	5.47	1.11	8821	482	—	0.97
000006	深振业A	14.62	14.50	14.98	14.36	14.80	1.23	10332	1522	29.44	1.26
000007	ST达声	6.18	6.10	6.30	6.02	6.21	0.49	2211	137	—	1.12
000008	ST宝利来	7.45	7.40	7.62	7.31	7.50	0.67	1760	132	—	0.88
000009	深宝安A	17.88	17.60	18.20	17.41	17.95	0.39	27564	4945	51.20	2.10
注:表中数据仅供参考,以交易所公布为准。
